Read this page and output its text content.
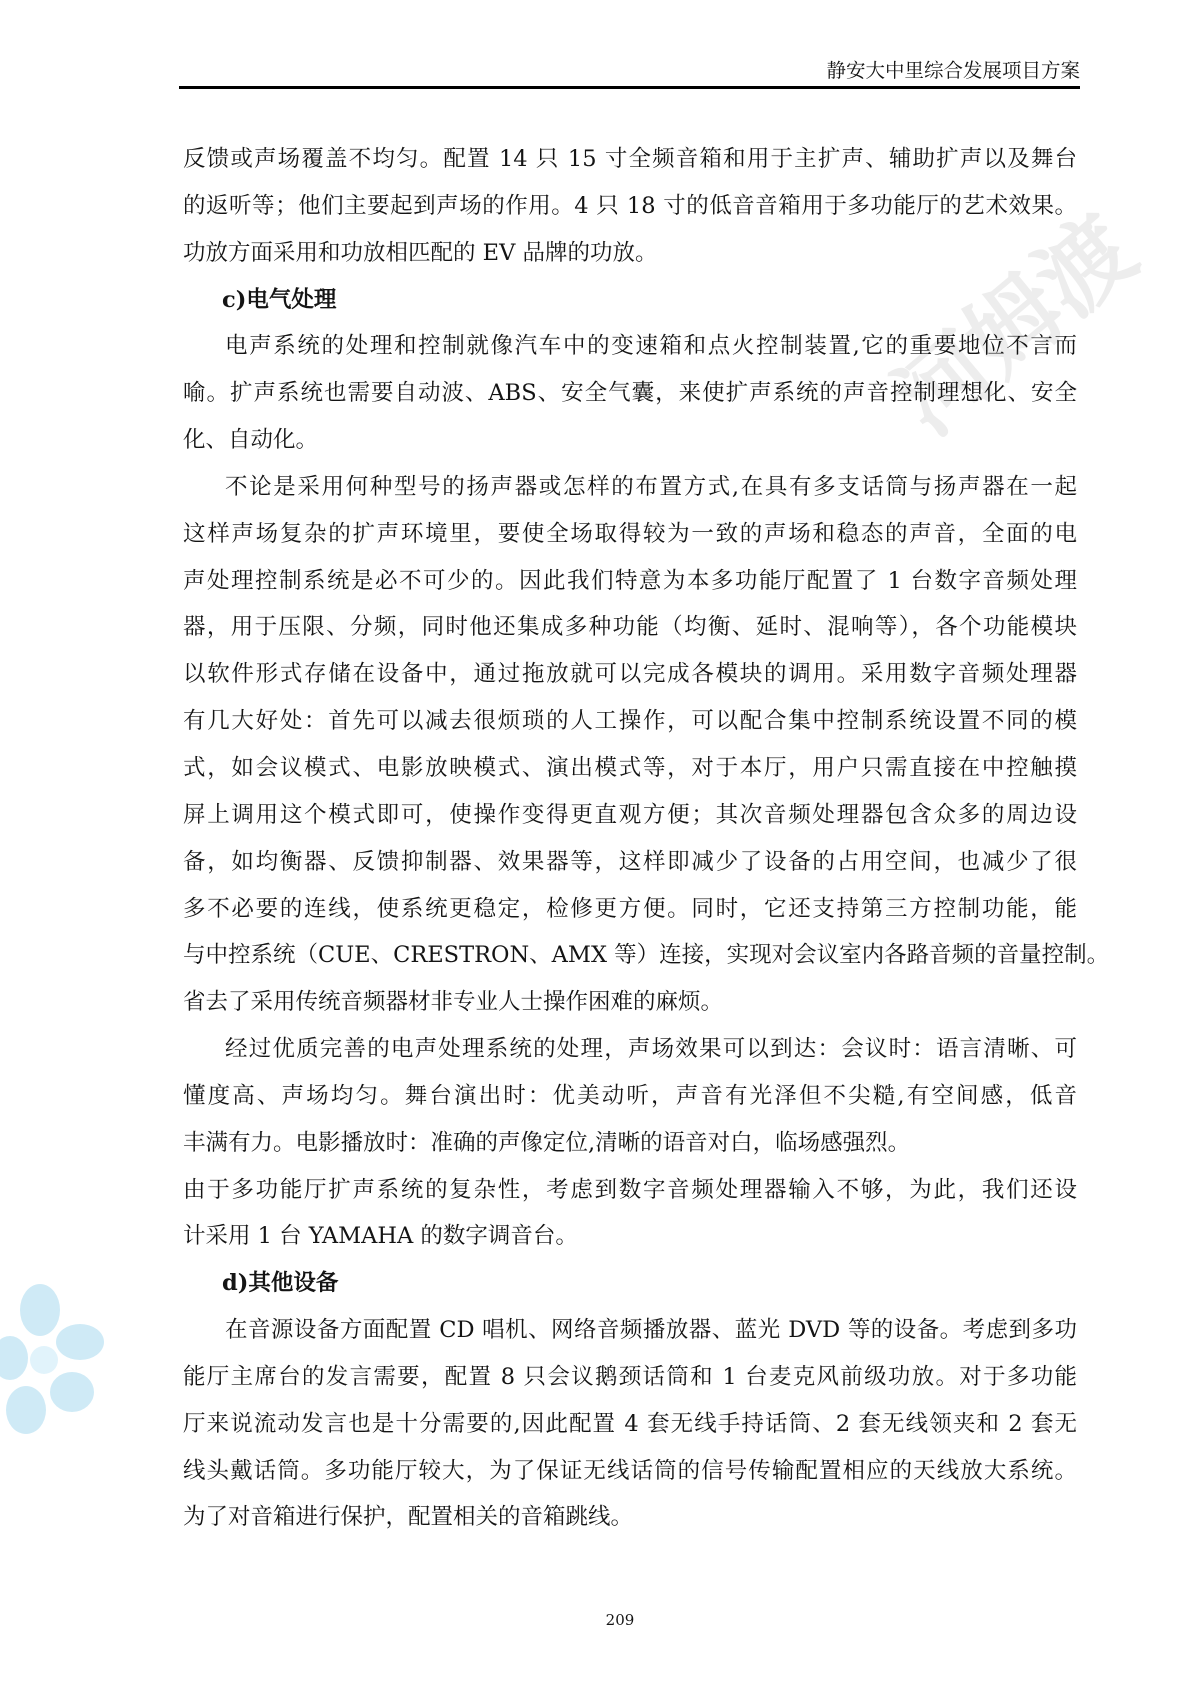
河姆渡
静安大中里综合发展项目方案
反馈或声场覆盖不均匀。配置 14 只 15 寸全频音箱和用于主扩声、辅助扩声以及舞台
的返听等；他们主要起到声场的作用。4 只 18 寸的低音音箱用于多功能厅的艺术效果。
功放方面采用和功放相匹配的 EV 品牌的功放。
c)电气处理
电声系统的处理和控制就像汽车中的变速箱和点火控制装置,它的重要地位不言而
喻。扩声系统也需要自动波、ABS、安全气囊，来使扩声系统的声音控制理想化、安全
化、自动化。
不论是采用何种型号的扬声器或怎样的布置方式,在具有多支话筒与扬声器在一起
这样声场复杂的扩声环境里，要使全场取得较为一致的声场和稳态的声音，全面的电
声处理控制系统是必不可少的。因此我们特意为本多功能厅配置了 1 台数字音频处理
器，用于压限、分频，同时他还集成多种功能（均衡、延时、混响等），各个功能模块
以软件形式存储在设备中，通过拖放就可以完成各模块的调用。采用数字音频处理器
有几大好处：首先可以减去很烦琐的人工操作，可以配合集中控制系统设置不同的模
式，如会议模式、电影放映模式、演出模式等，对于本厅，用户只需直接在中控触摸
屏上调用这个模式即可，使操作变得更直观方便；其次音频处理器包含众多的周边设
备，如均衡器、反馈抑制器、效果器等，这样即减少了设备的占用空间，也减少了很
多不必要的连线，使系统更稳定，检修更方便。同时，它还支持第三方控制功能，能
与中控系统（CUE、CRESTRON、AMX 等）连接，实现对会议室内各路音频的音量控制。
省去了采用传统音频器材非专业人士操作困难的麻烦。
经过优质完善的电声处理系统的处理，声场效果可以到达：会议时：语言清晰、可
懂度高、声场均匀。舞台演出时：优美动听，声音有光泽但不尖糙,有空间感，低音
丰满有力。电影播放时：准确的声像定位,清晰的语音对白，临场感强烈。
由于多功能厅扩声系统的复杂性，考虑到数字音频处理器输入不够，为此，我们还设
计采用 1 台 YAMAHA 的数字调音台。
d)其他设备
在音源设备方面配置 CD 唱机、网络音频播放器、蓝光 DVD 等的设备。考虑到多功
能厅主席台的发言需要，配置 8 只会议鹅颈话筒和 1 台麦克风前级功放。对于多功能
厅来说流动发言也是十分需要的,因此配置 4 套无线手持话筒、2 套无线领夹和 2 套无
线头戴话筒。多功能厅较大，为了保证无线话筒的信号传输配置相应的天线放大系统。
为了对音箱进行保护，配置相关的音箱跳线。
209
